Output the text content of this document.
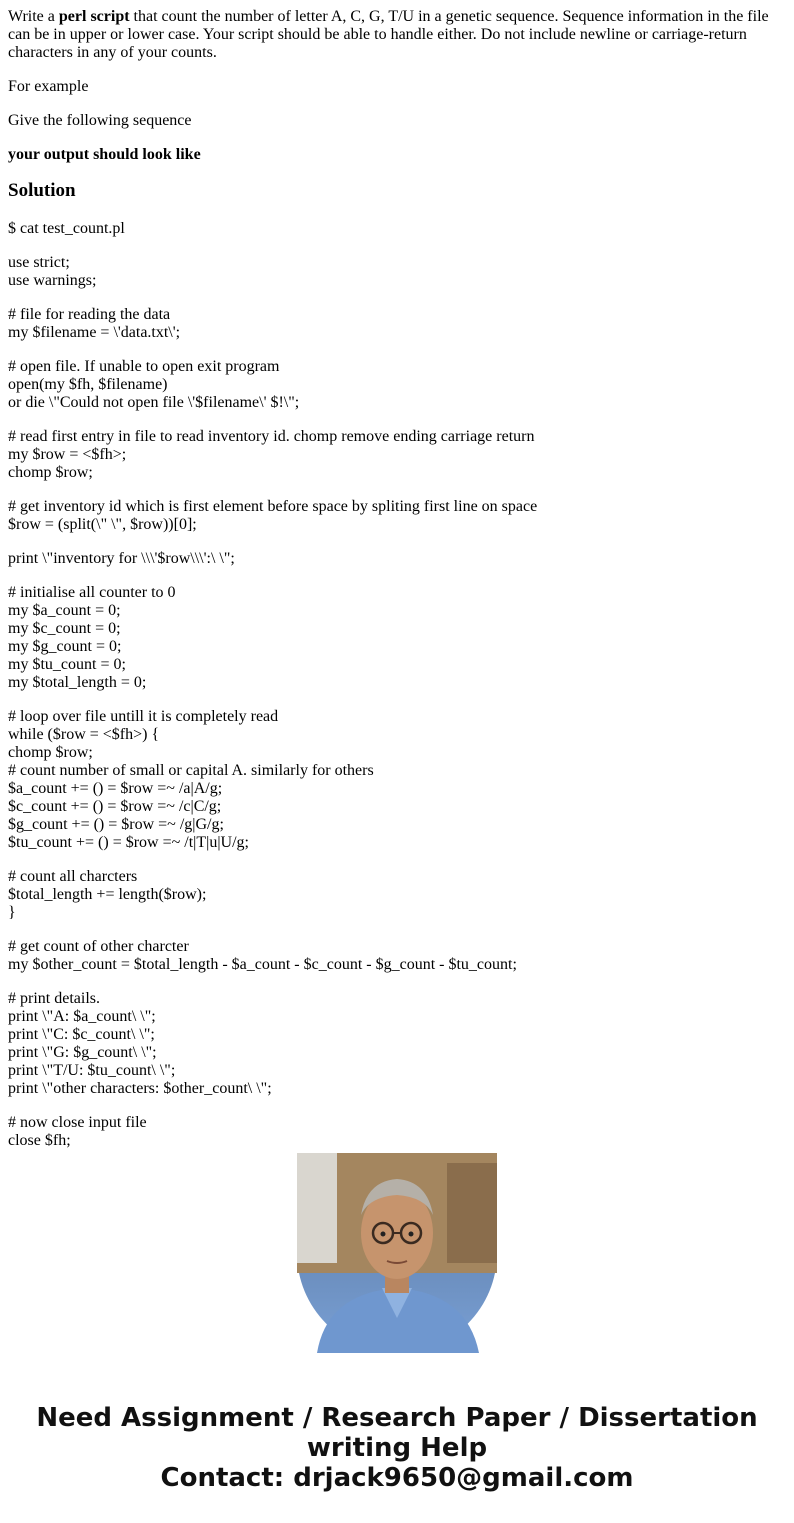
Write a perl script that count the number of letter A, C, G, T/U in a genetic sequence. Sequence information in the file can be in upper or lower case. Your script should be able to handle either. Do not include newline or carriage-return characters in any of your counts.

For example

Give the following sequence

your output should look like

Solution
$ cat test_count.pl
use strict;
use warnings;
# file for reading the data
my $filename = \'data.txt\';
# open file. If unable to open exit program
open(my $fh, $filename)
or die \"Could not open file \'$filename\' $!\";
# read first entry in file to read inventory id. chomp remove ending carriage return
my $row = <$fh>;
chomp $row;
# get inventory id which is first element before space by spliting first line on space
$row = (split(\" \", $row))[0];
print \"inventory for \\\'$row\\\':\ \";
# initialise all counter to 0
my $a_count = 0;
my $c_count = 0;
my $g_count = 0;
my $tu_count = 0;
my $total_length = 0;
# loop over file untill it is completely read
while ($row = <$fh>) {
chomp $row;
# count number of small or capital A. similarly for others
$a_count += () = $row =~ /a|A/g;
$c_count += () = $row =~ /c|C/g;
$g_count += () = $row =~ /g|G/g;
$tu_count += () = $row =~ /t|T|u|U/g;
# count all charcters
$total_length += length($row);
}
# get count of other charcter
my $other_count = $total_length - $a_count - $c_count - $g_count - $tu_count;
# print details.
print \"A: $a_count\ \";
print \"C: $c_count\ \";
print \"G: $g_count\ \";
print \"T/U: $tu_count\ \";
print \"other characters: $other_count\ \";
# now close input file
close $fh;
Need Assignment / Research Paper / Dissertation
writing Help
Contact: drjack9650@gmail.com
